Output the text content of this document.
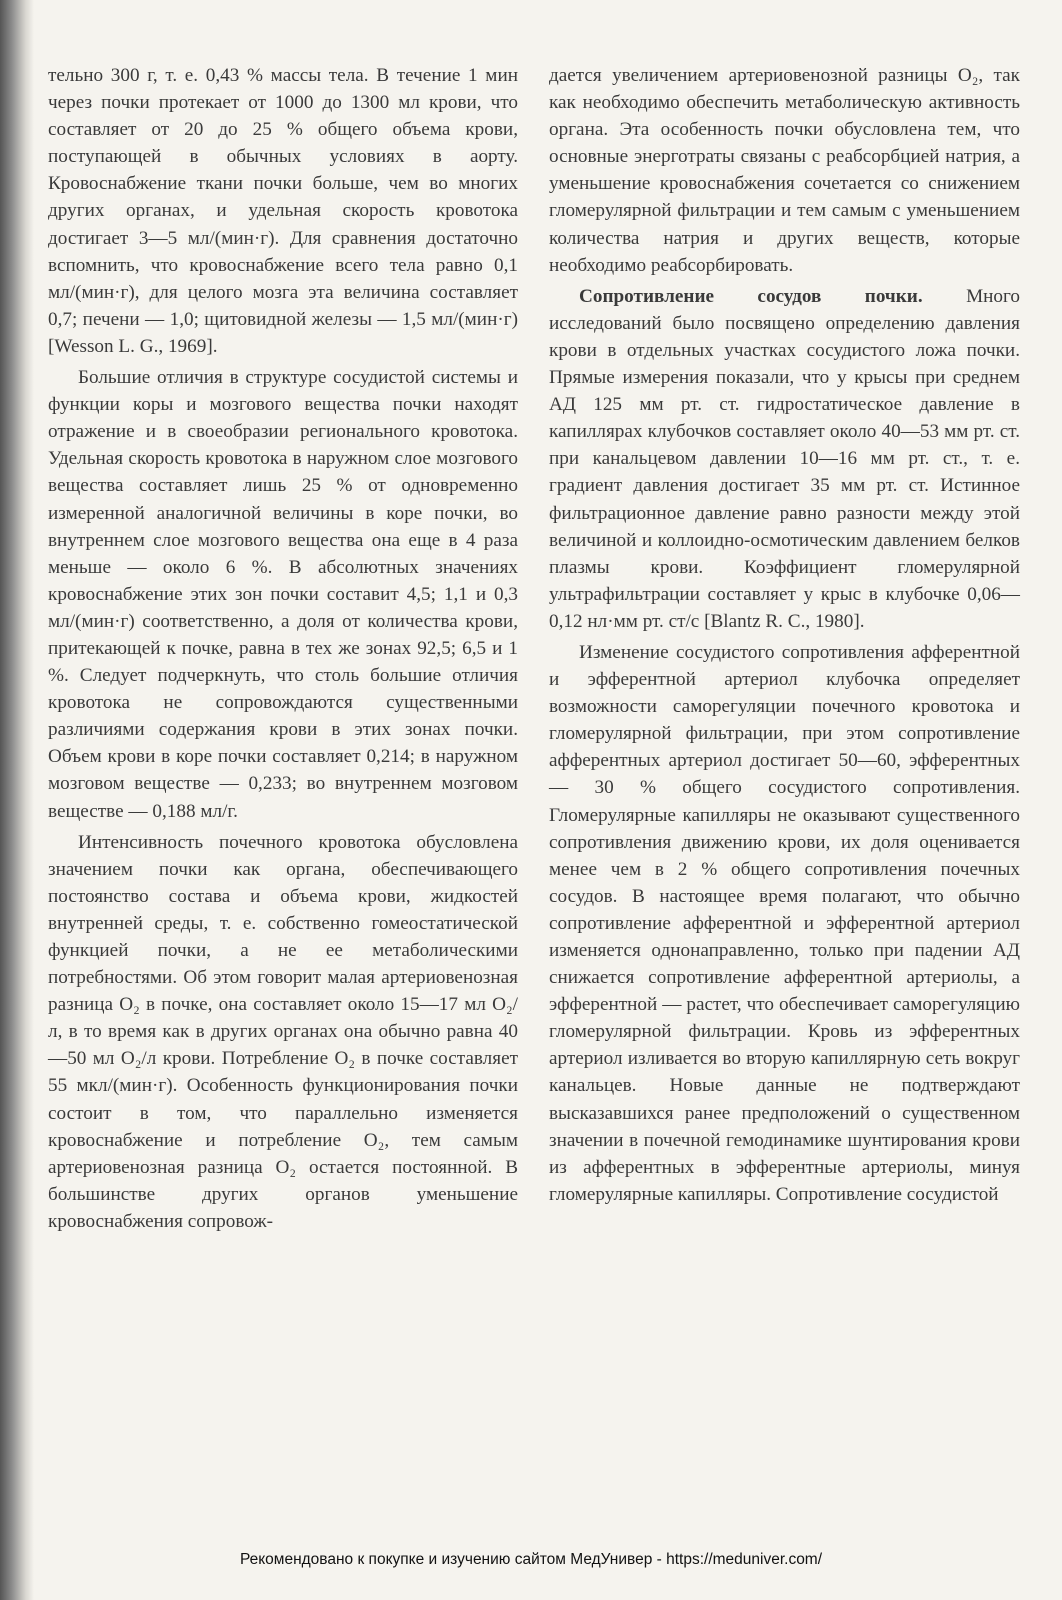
тельно 300 г, т. е. 0,43 % массы тела. В течение 1 мин через почки протекает от 1000 до 1300 мл крови, что составляет от 20 до 25 % общего объема крови, поступающей в обычных условиях в аорту. Кровоснабжение ткани почки больше, чем во многих других органах, и удельная скорость кровотока достигает 3—5 мл/(мин·г). Для сравнения достаточно вспомнить, что кровоснабжение всего тела равно 0,1 мл/(мин·г), для целого мозга эта величина составляет 0,7; печени — 1,0; щитовидной железы — 1,5 мл/(мин·г) [Wesson L. G., 1969].

Большие отличия в структуре сосудистой системы и функции коры и мозгового вещества почки находят отражение и в своеобразии регионального кровотока. Удельная скорость кровотока в наружном слое мозгового вещества составляет лишь 25 % от одновременно измеренной аналогичной величины в коре почки, во внутреннем слое мозгового вещества она еще в 4 раза меньше — около 6 %. В абсолютных значениях кровоснабжение этих зон почки составит 4,5; 1,1 и 0,3 мл/(мин·г) соответственно, а доля от количества крови, притекающей к почке, равна в тех же зонах 92,5; 6,5 и 1 %. Следует подчеркнуть, что столь большие отличия кровотока не сопровождаются существенными различиями содержания крови в этих зонах почки. Объем крови в коре почки составляет 0,214; в наружном мозговом веществе — 0,233; во внутреннем мозговом веществе — 0,188 мл/г.

Интенсивность почечного кровотока обусловлена значением почки как органа, обеспечивающего постоянство состава и объема крови, жидкостей внутренней среды, т. е. собственно гомеостатической функцией почки, а не ее метаболическими потребностями. Об этом говорит малая артериовенозная разница O₂ в почке, она составляет около 15—17 мл O₂/л, в то время как в других органах она обычно равна 40—50 мл O₂/л крови. Потребление O₂ в почке составляет 55 мкл/(мин·г). Особенность функционирования почки состоит в том, что параллельно изменяется кровоснабжение и потребление O₂, тем самым артериовенозная разница O₂ остается постоянной. В большинстве других органов уменьшение кровоснабжения сопровож-

дается увеличением артериовенозной разницы O₂, так как необходимо обеспечить метаболическую активность органа. Эта особенность почки обусловлена тем, что основные энерготраты связаны с реабсорбцией натрия, а уменьшение кровоснабжения сочетается со снижением гломерулярной фильтрации и тем самым с уменьшением количества натрия и других веществ, которые необходимо реабсорбировать.

Сопротивление сосудов почки. Много исследований было посвящено определению давления крови в отдельных участках сосудистого ложа почки. Прямые измерения показали, что у крысы при среднем АД 125 мм рт. ст. гидростатическое давление в капиллярах клубочков составляет около 40—53 мм рт. ст. при канальцевом давлении 10—16 мм рт. ст., т. е. градиент давления достигает 35 мм рт. ст. Истинное фильтрационное давление равно разности между этой величиной и коллоидно-осмотическим давлением белков плазмы крови. Коэффициент гломерулярной ультрафильтрации составляет у крыс в клубочке 0,06—0,12 нл·мм рт. ст/с [Blantz R. C., 1980].

Изменение сосудистого сопротивления афферентной и эфферентной артериол клубочка определяет возможности саморегуляции почечного кровотока и гломерулярной фильтрации, при этом сопротивление афферентных артериол достигает 50—60, эфферентных — 30 % общего сосудистого сопротивления. Гломерулярные капилляры не оказывают существенного сопротивления движению крови, их доля оценивается менее чем в 2 % общего сопротивления почечных сосудов. В настоящее время полагают, что обычно сопротивление афферентной и эфферентной артериол изменяется однонаправленно, только при падении АД снижается сопротивление афферентной артериолы, а эфферентной — растет, что обеспечивает саморегуляцию гломерулярной фильтрации. Кровь из эфферентных артериол изливается во вторую капиллярную сеть вокруг канальцев. Новые данные не подтверждают высказавшихся ранее предположений о существенном значении в почечной гемодинамике шунтирования крови из афферентных в эфферентные артериолы, минуя гломерулярные капилляры. Сопротивление сосудистой

Рекомендовано к покупке и изучению сайтом МедУнивер - https://meduniver.com/
